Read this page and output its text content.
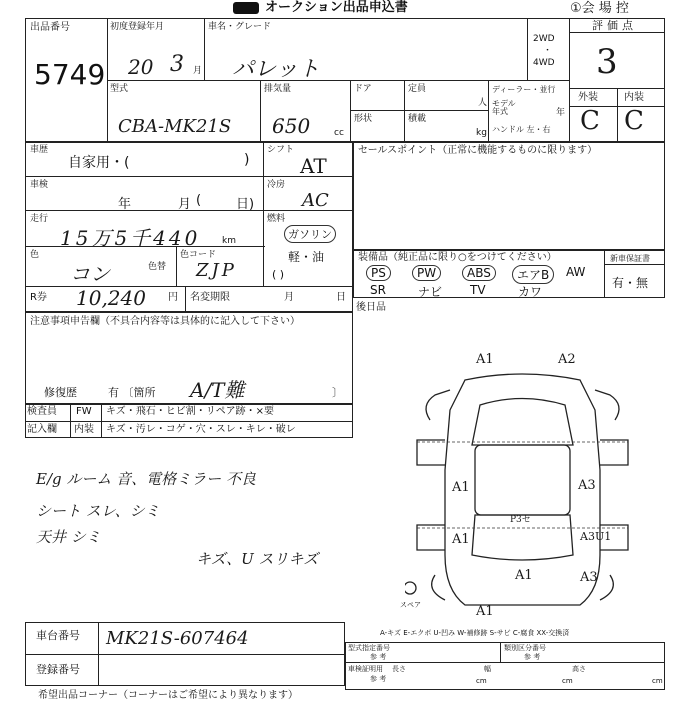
オークション出品申込書	①会 場 控
出品番号
5749
初度登録年月
20 3 月
車名・グレード
パレット
2WD
・
4WD
評価点
3
型式
CBA-MK21S
排気量
650	cc
ドア	定員
人
形状	積載
kg
ディーラー・並行
モデル年式	年
ハンドル 左・右
外装	内装
C C
車歴
自家用・(	)
車検
年	月 (	日)
走行
15万5千440 km
色
コン	色替
色コード
ZJP
R券 10,240 円 名変期限	月	日
シフト
AT
冷房
AC
燃料
ガソリン
軽・油
( )
セールスポイント（正常に機能するものに限ります）
装備品（純正品に限り○をつけてください）	新車保証書
有・無
PS	PW	ABS	エアB	AW
SR	ナビ TV	カワ
後日品
注意事項申告欄（不具合内容等は具体的に記入して下さい）
修復歴	有 〔箇所 A/T難	〕
検査員
記入欄
FW キズ・飛石・ヒビ割・リペア跡・×要
内装 キズ・汚レ・コゲ・穴・スレ・キレ・破レ
E/g ルーム 音、電格ミラー 不良
シート スレ、シミ
天井 シミ
キズ、U スリキズ
A1	A2
A1	A3
A1
P3セ
A3U1
A1	A3
A1
スペア
A-キズ E-エクボ U-凹み W-補修跡 S-サビ C-腐食 XX-交換済
車台番号 MK21S-607464
登録番号
型式指定番号
参 考
類別区分番号
参 考
車検証明用
参 考
長さ	幅	高さ
cm	cm	cm
希望出品コーナー（コーナーはご希望により異なります）
